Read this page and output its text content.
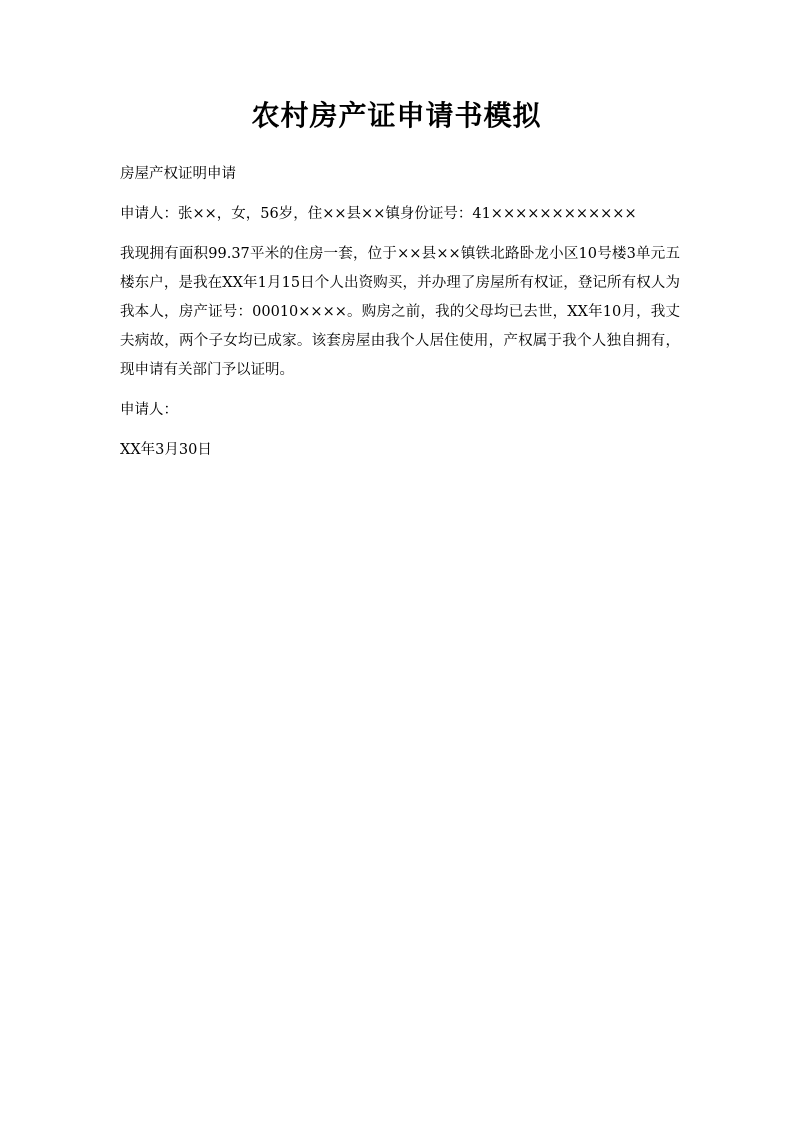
农村房产证申请书模拟

房屋产权证明申请

申请人：张××，女，56岁，住××县××镇身份证号：41××××××××××××

我现拥有面积99.37平米的住房一套，位于××县××镇铁北路卧龙小区10号楼3单元五楼东户，是我在XX年1月15日个人出资购买，并办理了房屋所有权证，登记所有权人为我本人，房产证号：00010××××。购房之前，我的父母均已去世，XX年10月，我丈夫病故，两个子女均已成家。该套房屋由我个人居住使用，产权属于我个人独自拥有，现申请有关部门予以证明。

申请人：

XX年3月30日
